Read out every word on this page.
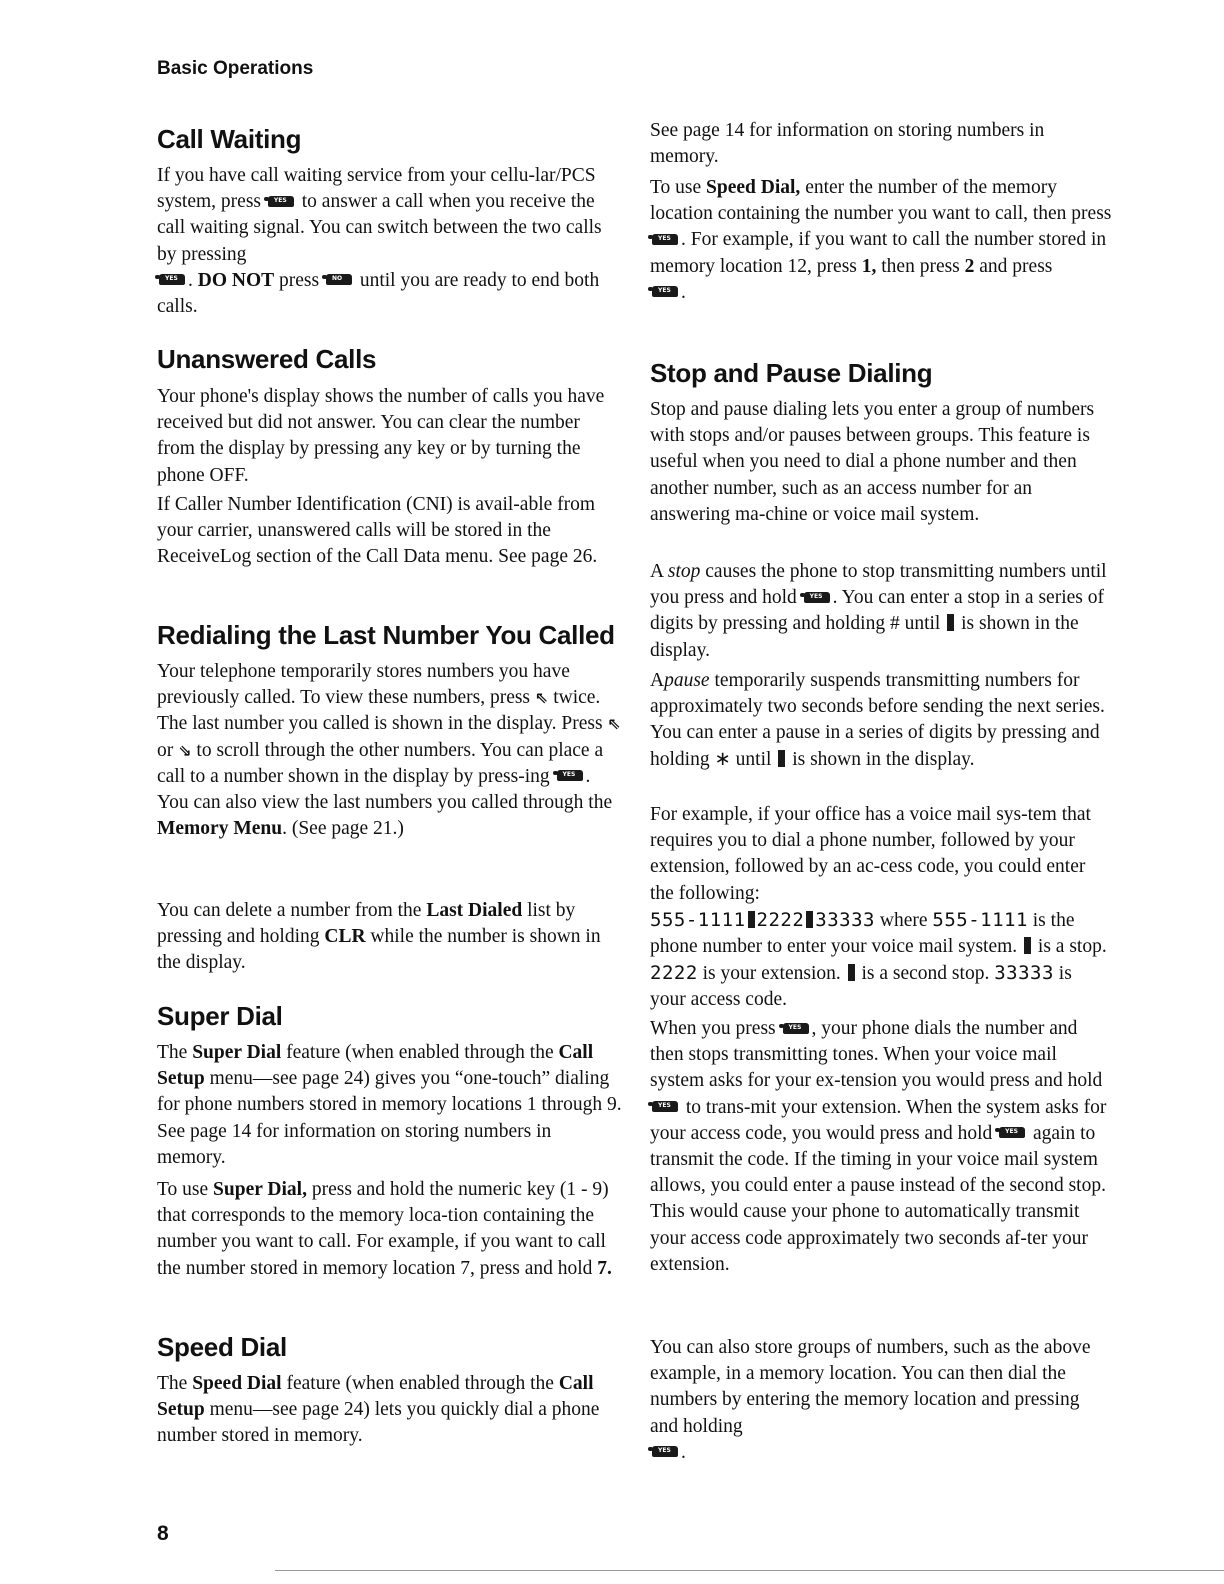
Basic Operations
Call Waiting

If you have call waiting service from your cellu-lar/PCS system, press YES to answer a call when you receive the call waiting signal. You can switch between the two calls by pressing
YES. DO NOT press NO until you are ready to end both calls.

Unanswered Calls

Your phone's display shows the number of calls you have received but did not answer. You can clear the number from the display by pressing any key or by turning the phone OFF.

If Caller Number Identification (CNI) is avail-able from your carrier, unanswered calls will be stored in the ReceiveLog section of the Call Data menu. See page 26.

Redialing the Last Number You Called

Your telephone temporarily stores numbers you have previously called. To view these numbers, press ⇖ twice. The last number you called is shown in the display. Press ⇖ or ⇘ to scroll through the other numbers. You can place a call to a number shown in the display by press-ing YES . You can also view the last numbers you called through the Memory Menu. (See page 21.)

You can delete a number from the Last Dialed list by pressing and holding CLR while the number is shown in the display.

Super Dial

The Super Dial feature (when enabled through the Call Setup menu—see page 24) gives you “one-touch” dialing for phone numbers stored in memory locations 1 through 9. See page 14 for information on storing numbers in memory.

To use Super Dial, press and hold the numeric key (1 - 9) that corresponds to the memory loca-tion containing the number you want to call. For example, if you want to call the number stored in memory location 7, press and hold 7.

Speed Dial

The Speed Dial feature (when enabled through the Call Setup menu—see page 24) lets you quickly dial a phone number stored in memory.

See page 14 for information on storing numbers in memory.

To use Speed Dial, enter the number of the memory location containing the number you want to call, then press YES. For example, if you want to call the number stored in memory location 12, press 1, then press 2 and press
YES.

Stop and Pause Dialing

Stop and pause dialing lets you enter a group of numbers with stops and/or pauses between groups. This feature is useful when you need to dial a phone number and then another number, such as an access number for an answering ma-chine or voice mail system.

A stop causes the phone to stop transmitting numbers until you press and hold YES . You can enter a stop in a series of digits by pressing and holding # until is shown in the display.

Apause temporarily suspends transmitting numbers for approximately two seconds before sending the next series. You can enter a pause in a series of digits by pressing and holding ∗ until is shown in the display.

For example, if your office has a voice mail sys-tem that requires you to dial a phone number, followed by your extension, followed by an ac-cess code, you could enter the following:
555-1111 2222 33333 where 555-1111 is the phone number to enter your voice mail system. is a stop. 2222 is your extension. is a second stop. 33333 is your access code.

When you press YES , your phone dials the number and then stops transmitting tones. When your voice mail system asks for your ex-tension you would press and hold YES to trans-mit your extension. When the system asks for your access code, you would press and hold YES again to transmit the code. If the timing in your voice mail system allows, you could enter a pause instead of the second stop. This would cause your phone to automatically transmit your access code approximately two seconds af-ter your extension.

You can also store groups of numbers, such as the above example, in a memory location. You can then dial the numbers by entering the memory location and pressing and holding
YES.

8
